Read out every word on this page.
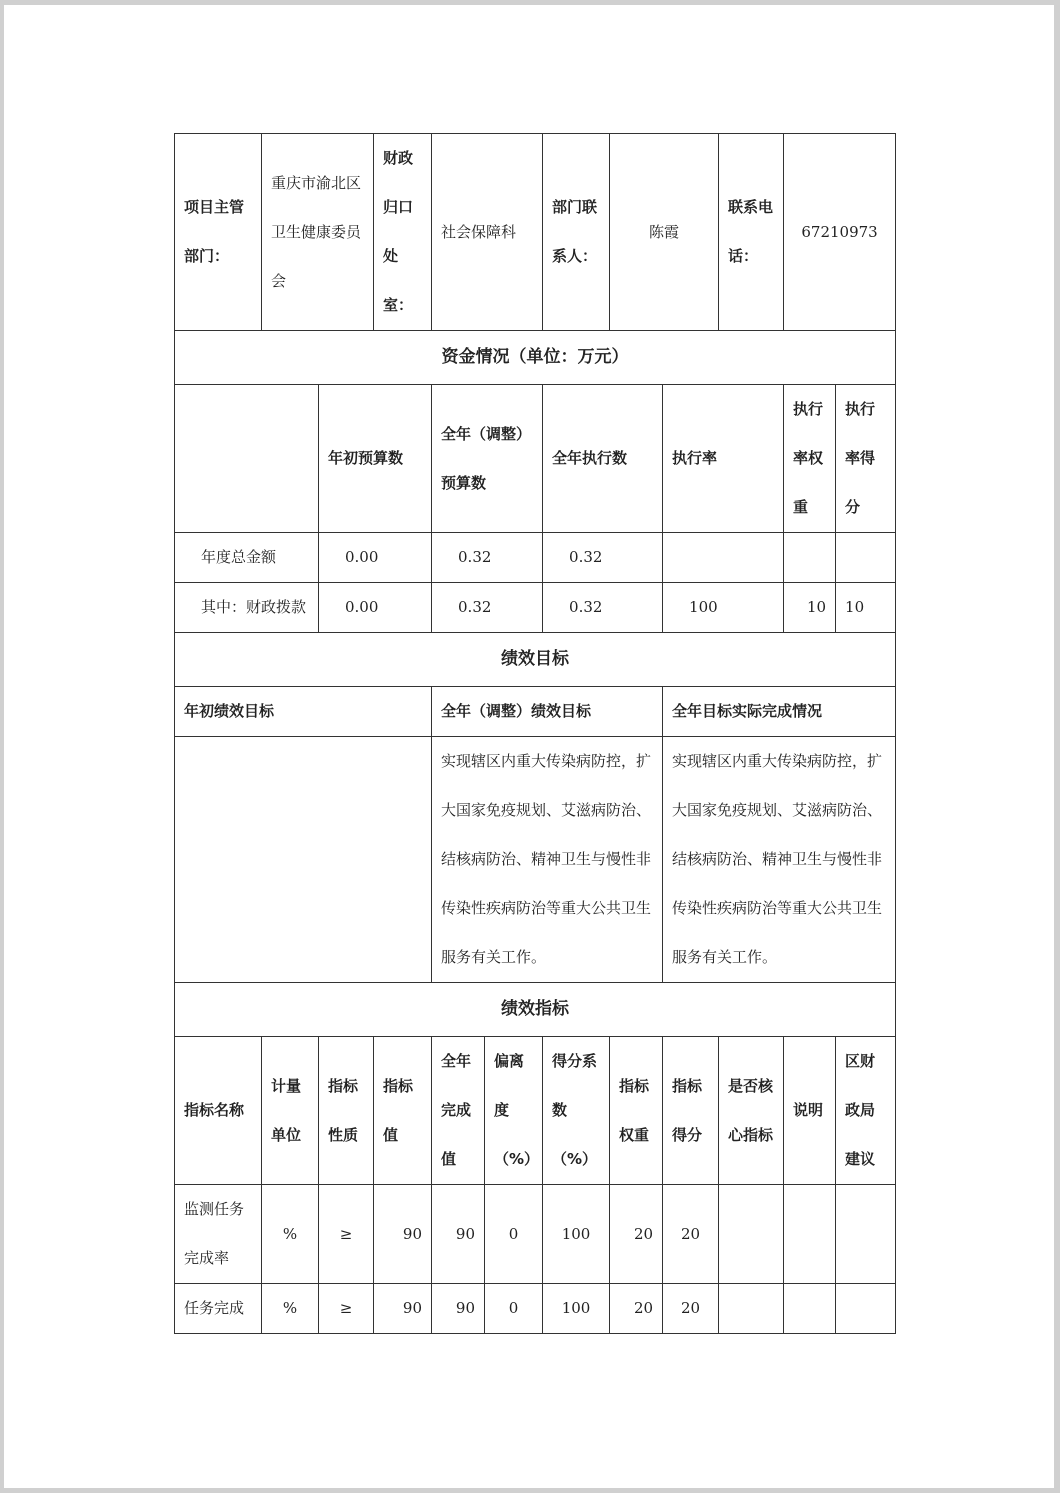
项目主管部门：	重庆市渝北区卫生健康委员会		财政归口处室：	社会保障科		部门联系人：	陈霞		联系电话：	67210973	
资金情况（单位：万元）											
		年初预算数		全年（调整）预算数		全年执行数		执行率		执行率权重	执行率得分
年度总金额		0.00		0.32		0.32					
其中：财政拨款		0.00		0.32		0.32		100		10	10
绩效目标											
年初绩效目标				全年（调整）绩效目标				全年目标实际完成情况			
				实现辖区内重大传染病防控，扩大国家免疫规划、艾滋病防治、结核病防治、精神卫生与慢性非传染性疾病防治等重大公共卫生服务有关工作。				实现辖区内重大传染病防控，扩大国家免疫规划、艾滋病防治、结核病防治、精神卫生与慢性非传染性疾病防治等重大公共卫生服务有关工作。			
绩效指标											
指标名称	计量单位	指标性质	指标值	全年完成值	偏离度（%）	得分系数（%）	指标权重	指标得分	是否核心指标	说明	区财政局建议
监测任务完成率	%	≥	90	90	0	100	20	20			
任务完成	%	≥	90	90	0	100	20	20			
